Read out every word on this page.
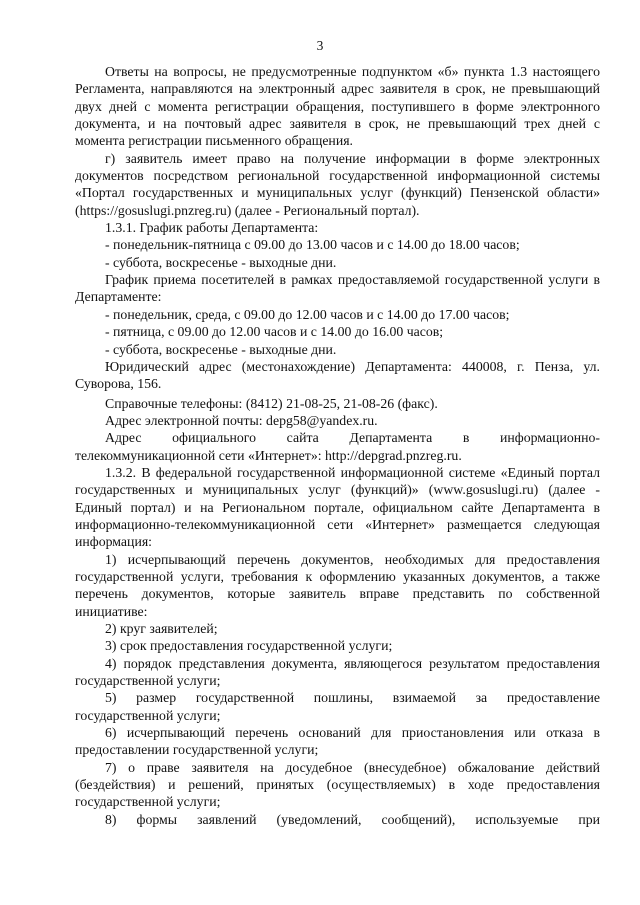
3

Ответы на вопросы, не предусмотренные подпунктом «б» пункта 1.3 настоящего Регламента, направляются на электронный адрес заявителя в срок, не превышающий двух дней с момента регистрации обращения, поступившего в форме электронного документа, и на почтовый адрес заявителя в срок, не превышающий трех дней с момента регистрации письменного обращения.

г) заявитель имеет право на получение информации в форме электронных документов посредством региональной государственной информационной системы «Портал государственных и муниципальных услуг (функций) Пензенской области» (https://gosuslugi.pnzreg.ru) (далее - Региональный портал).

1.3.1. График работы Департамента:

- понедельник-пятница с 09.00 до 13.00 часов и с 14.00 до 18.00 часов;

- суббота, воскресенье - выходные дни.

График приема посетителей в рамках предоставляемой государственной услуги в Департаменте:

- понедельник, среда, с 09.00 до 12.00 часов и с 14.00 до 17.00 часов;

- пятница, с 09.00 до 12.00 часов и с 14.00 до 16.00 часов;

- суббота, воскресенье - выходные дни.

Юридический адрес (местонахождение) Департамента: 440008, г. Пенза, ул. Суворова, 156.

Справочные телефоны: (8412) 21-08-25, 21-08-26 (факс).

Адрес электронной почты: depg58@yandex.ru.

Адрес официального сайта Департамента в информационно-телекоммуникационной сети «Интернет»: http://depgrad.pnzreg.ru.

1.3.2. В федеральной государственной информационной системе «Единый портал государственных и муниципальных услуг (функций)» (www.gosuslugi.ru) (далее - Единый портал) и на Региональном портале, официальном сайте Департамента в информационно-телекоммуникационной сети «Интернет» размещается следующая информация:

1) исчерпывающий перечень документов, необходимых для предоставления государственной услуги, требования к оформлению указанных документов, а также перечень документов, которые заявитель вправе представить по собственной инициативе:

2) круг заявителей;

3) срок предоставления государственной услуги;

4) порядок представления документа, являющегося результатом предоставления государственной услуги;

5) размер государственной пошлины, взимаемой за предоставление государственной услуги;

6) исчерпывающий перечень оснований для приостановления или отказа в предоставлении государственной услуги;

7) о праве заявителя на досудебное (внесудебное) обжалование действий (бездействия) и решений, принятых (осуществляемых) в ходе предоставления государственной услуги;

8) формы заявлений (уведомлений, сообщений), используемые при
